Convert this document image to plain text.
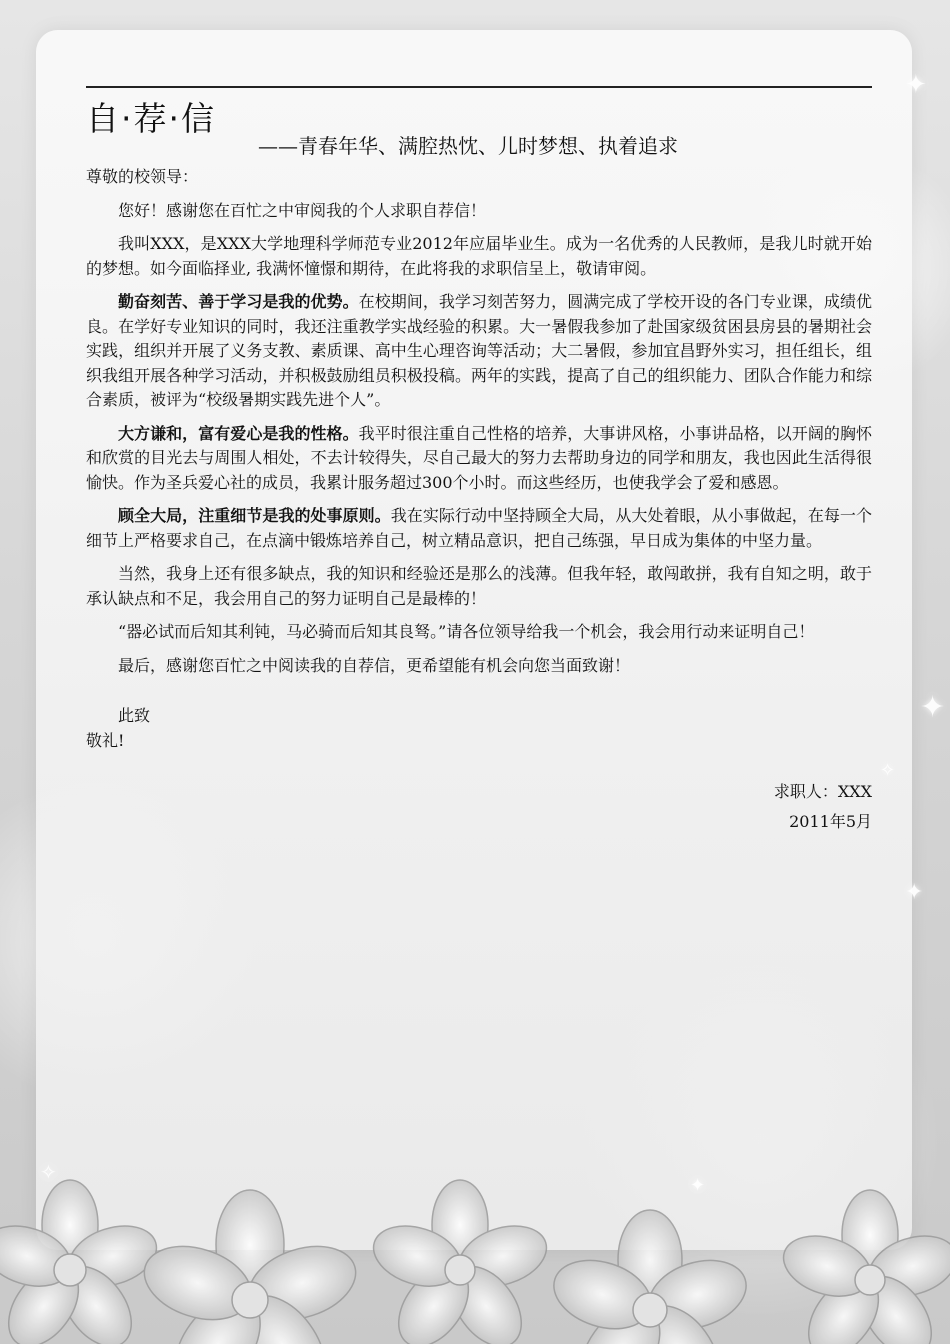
✦
✦
✧
✦
✧
✦
自·荐·信
——青春年华、满腔热忱、儿时梦想、执着追求

尊敬的校领导：

您好！感谢您在百忙之中审阅我的个人求职自荐信！

我叫XXX，是XXX大学地理科学师范专业2012年应届毕业生。成为一名优秀的人民教师，是我儿时就开始的梦想。如今面临择业, 我满怀憧憬和期待，在此将我的求职信呈上，敬请审阅。

勤奋刻苦、善于学习是我的优势。在校期间，我学习刻苦努力，圆满完成了学校开设的各门专业课，成绩优良。在学好专业知识的同时，我还注重教学实战经验的积累。大一暑假我参加了赴国家级贫困县房县的暑期社会实践，组织并开展了义务支教、素质课、高中生心理咨询等活动；大二暑假，参加宜昌野外实习，担任组长，组织我组开展各种学习活动，并积极鼓励组员积极投稿。两年的实践，提高了自己的组织能力、团队合作能力和综合素质，被评为“校级暑期实践先进个人”。

大方谦和，富有爱心是我的性格。我平时很注重自己性格的培养，大事讲风格，小事讲品格，以开阔的胸怀和欣赏的目光去与周围人相处，不去计较得失，尽自己最大的努力去帮助身边的同学和朋友，我也因此生活得很愉快。作为圣兵爱心社的成员，我累计服务超过300个小时。而这些经历，也使我学会了爱和感恩。

顾全大局，注重细节是我的处事原则。我在实际行动中坚持顾全大局，从大处着眼，从小事做起，在每一个细节上严格要求自己，在点滴中锻炼培养自己，树立精品意识，把自己练强，早日成为集体的中坚力量。

当然，我身上还有很多缺点，我的知识和经验还是那么的浅薄。但我年轻，敢闯敢拼，我有自知之明，敢于承认缺点和不足，我会用自己的努力证明自己是最棒的！

“器必试而后知其利钝，马必骑而后知其良驽。”请各位领导给我一个机会，我会用行动来证明自己！

最后，感谢您百忙之中阅读我的自荐信，更希望能有机会向您当面致谢！

此致

敬礼!

求职人：XXX

2011年5月
